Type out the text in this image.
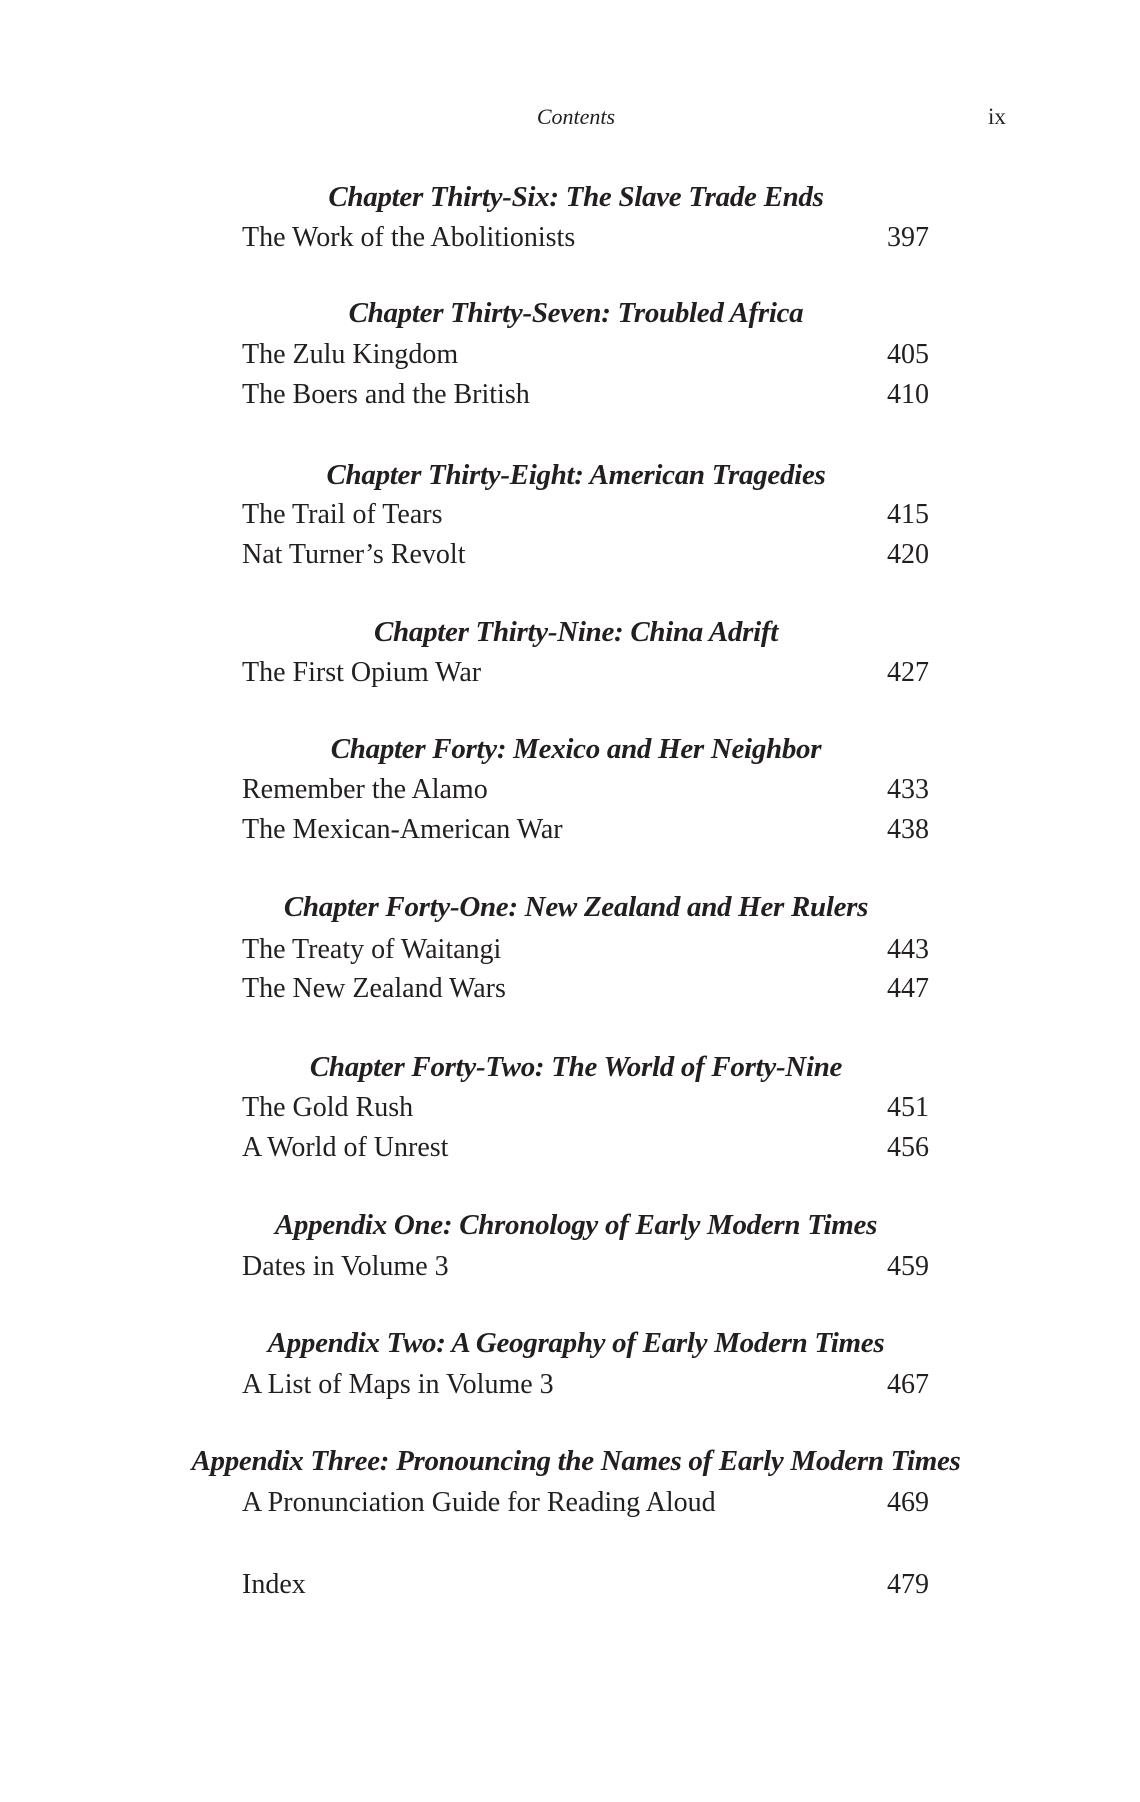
Contents	ix
Chapter Thirty-Six: The Slave Trade Ends
The Work of the Abolitionists	397
Chapter Thirty-Seven: Troubled Africa
The Zulu Kingdom	405
The Boers and the British	410
Chapter Thirty-Eight: American Tragedies
The Trail of Tears	415
Nat Turner’s Revolt	420
Chapter Thirty-Nine: China Adrift
The First Opium War	427
Chapter Forty: Mexico and Her Neighbor
Remember the Alamo	433
The Mexican-American War	438
Chapter Forty-One: New Zealand and Her Rulers
The Treaty of Waitangi	443
The New Zealand Wars	447
Chapter Forty-Two: The World of Forty-Nine
The Gold Rush	451
A World of Unrest	456
Appendix One: Chronology of Early Modern Times
Dates in Volume 3	459
Appendix Two: A Geography of Early Modern Times
A List of Maps in Volume 3	467
Appendix Three: Pronouncing the Names of Early Modern Times
A Pronunciation Guide for Reading Aloud	469
Index	479
